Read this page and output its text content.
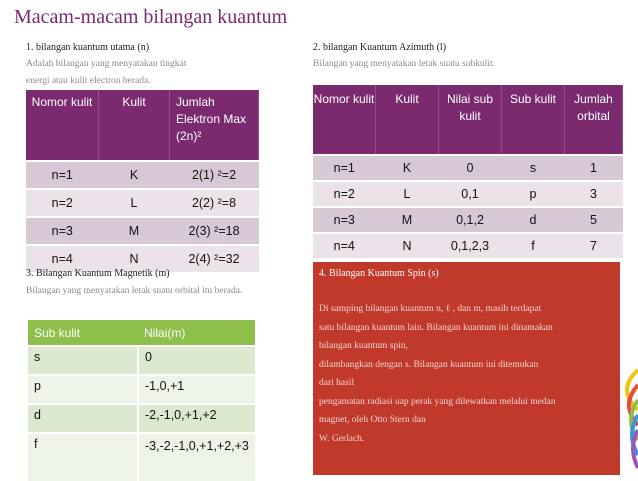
Macam-macam bilangan kuantum
1. bilangan kuantum utama (n)
Adalah bilangan yang menyatakan tingkat
energi atau kulit electron berada.
Nomor kulit	Kulit	Jumlah Elektron Max (2n)²
n=1	K	2(1) ²=2
n=2	L	2(2) ²=8
n=3	M	2(3) ²=18
n=4	N	2(4) ²=32
2. bilangan Kuantum Azimuth (l)
Bilangan yang menyatakan letak suatu subkulit.
Nomor kulit	Kulit	Nilai sub kulit	Sub kulit	Jumlah orbital
n=1	K	0	s	1
n=2	L	0,1	p	3
n=3	M	0,1,2	d	5
n=4	N	0,1,2,3	f	7
3. Bilangan Kuantum Magnetik (m)
Bilangan yang menyatakan letak suatu orbital itu berada.
Sub kulit	Nilai(m)
s	0
p	-1,0,+1
d	-2,-1,0,+1,+2
f	-3,-2,-1,0,+1,+2,+3
4. Bilangan Kuantum Spin (s)
Di samping bilangan kuantum n, ℓ , dan m, masih terdapat
satu bilangan kuantum lain. Bilangan kuantum ini dinamakan
bilangan kuantum spin,
dilambangkan dengan s. Bilangan kuantum ini ditemukan
dari hasil
pengamatan radiasi uap perak yang dilewatkan melalui medan
magnet, oleh Otto Stern dan
W. Gerlach.
